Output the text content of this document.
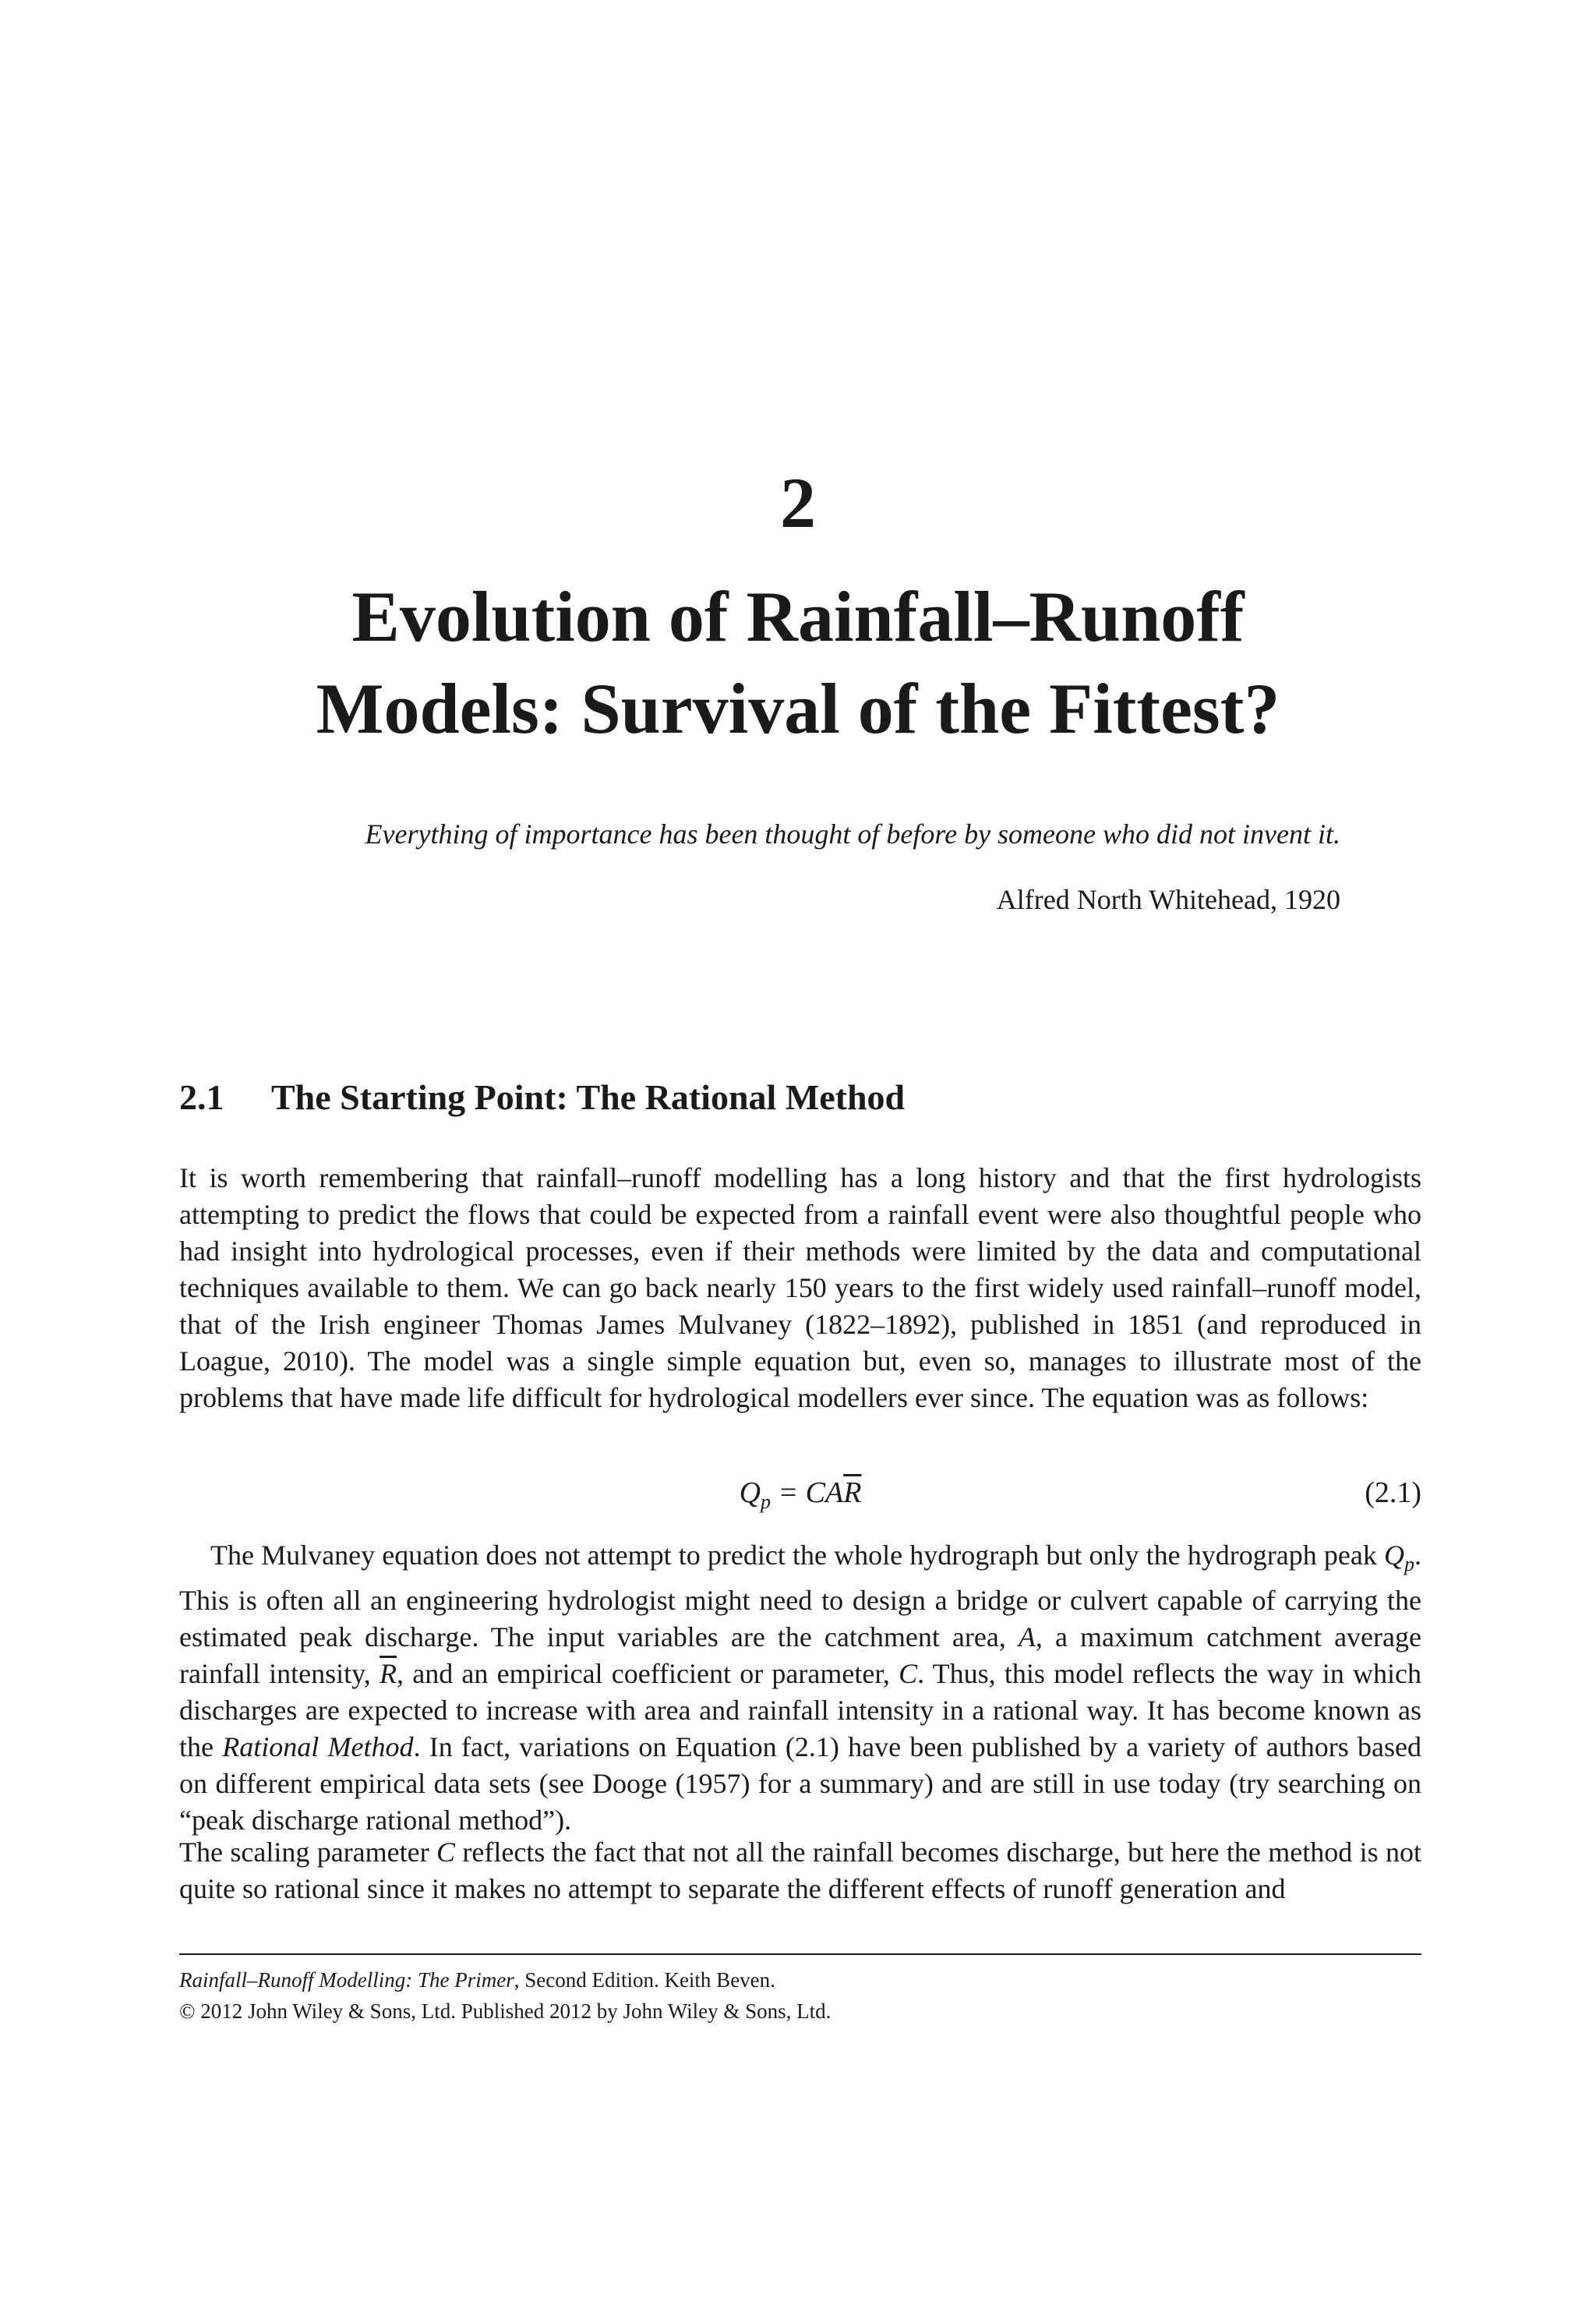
2
Evolution of Rainfall–Runoff
Models: Survival of the Fittest?
Everything of importance has been thought of before by someone who did not invent it.
Alfred North Whitehead, 1920
2.1 The Starting Point: The Rational Method

It is worth remembering that rainfall–runoff modelling has a long history and that the first hydrologists attempting to predict the flows that could be expected from a rainfall event were also thoughtful people who had insight into hydrological processes, even if their methods were limited by the data and computational techniques available to them. We can go back nearly 150 years to the first widely used rainfall–runoff model, that of the Irish engineer Thomas James Mulvaney (1822–1892), published in 1851 (and reproduced in Loague, 2010). The model was a single simple equation but, even so, manages to illustrate most of the problems that have made life difficult for hydrological modellers ever since. The equation was as follows:

$Q_p = CA\overline{R}$	(2.1)

The Mulvaney equation does not attempt to predict the whole hydrograph but only the hydrograph peak $Q_p$. This is often all an engineering hydrologist might need to design a bridge or culvert capable of carrying the estimated peak discharge. The input variables are the catchment area, A, a maximum catchment average rainfall intensity, $\overline{R}$, and an empirical coefficient or parameter, C. Thus, this model reflects the way in which discharges are expected to increase with area and rainfall intensity in a rational way. It has become known as the Rational Method. In fact, variations on Equation (2.1) have been published by a variety of authors based on different empirical data sets (see Dooge (1957) for a summary) and are still in use today (try searching on “peak discharge rational method”).

The scaling parameter C reflects the fact that not all the rainfall becomes discharge, but here the method is not quite so rational since it makes no attempt to separate the different effects of runoff generation and

Rainfall–Runoff Modelling: The Primer, Second Edition. Keith Beven.
© 2012 John Wiley & Sons, Ltd. Published 2012 by John Wiley & Sons, Ltd.
